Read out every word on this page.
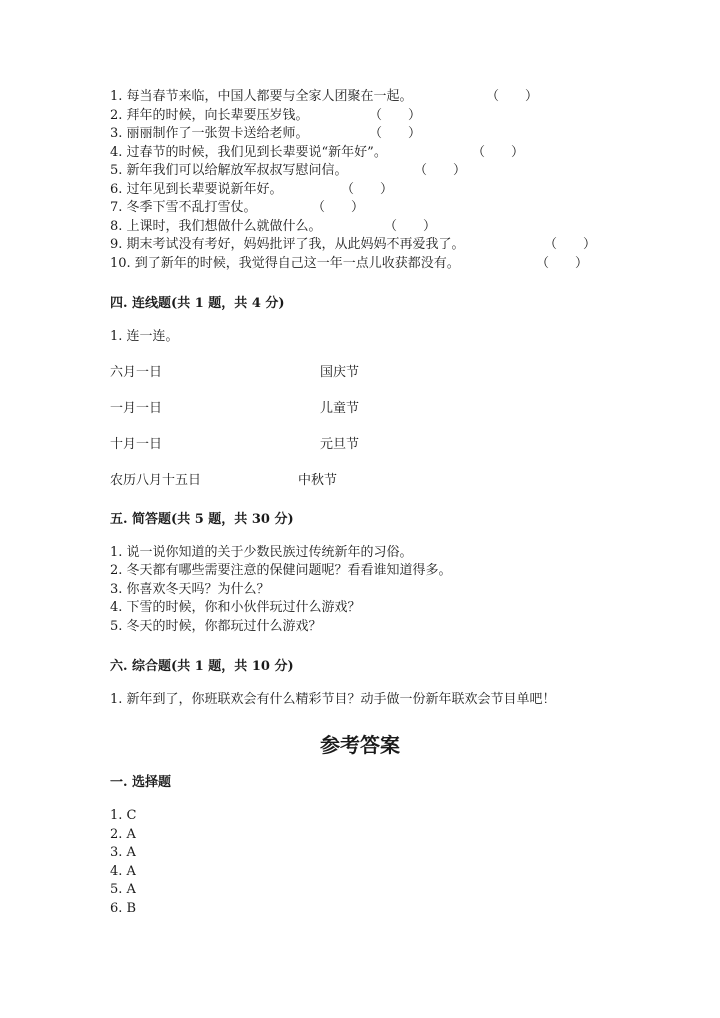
1. 每当春节来临，中国人都要与全家人团聚在一起。	（　　）
2. 拜年的时候，向长辈要压岁钱。	（　　）
3. 丽丽制作了一张贺卡送给老师。	（　　）
4. 过春节的时候，我们见到长辈要说“新年好”。	（　　）
5. 新年我们可以给解放军叔叔写慰问信。	（　　）
6. 过年见到长辈要说新年好。	（　　）
7. 冬季下雪不乱打雪仗。	（　　）
8. 上课时，我们想做什么就做什么。	（　　）
9. 期末考试没有考好，妈妈批评了我，从此妈妈不再爱我了。	（　　）
10. 到了新年的时候，我觉得自己这一年一点儿收获都没有。	（　　）
四. 连线题(共 1 题，共 4 分)
1. 连一连。
六月一日	国庆节
一月一日	儿童节
十月一日	元旦节
农历八月十五日	中秋节
五. 简答题(共 5 题，共 30 分)
1. 说一说你知道的关于少数民族过传统新年的习俗。
2. 冬天都有哪些需要注意的保健问题呢？看看谁知道得多。
3. 你喜欢冬天吗？为什么？
4. 下雪的时候，你和小伙伴玩过什么游戏？
5. 冬天的时候，你都玩过什么游戏？
六. 综合题(共 1 题，共 10 分)
1. 新年到了，你班联欢会有什么精彩节目？动手做一份新年联欢会节目单吧！
参考答案
一. 选择题
1. C
2. A
3. A
4. A
5. A
6. B
